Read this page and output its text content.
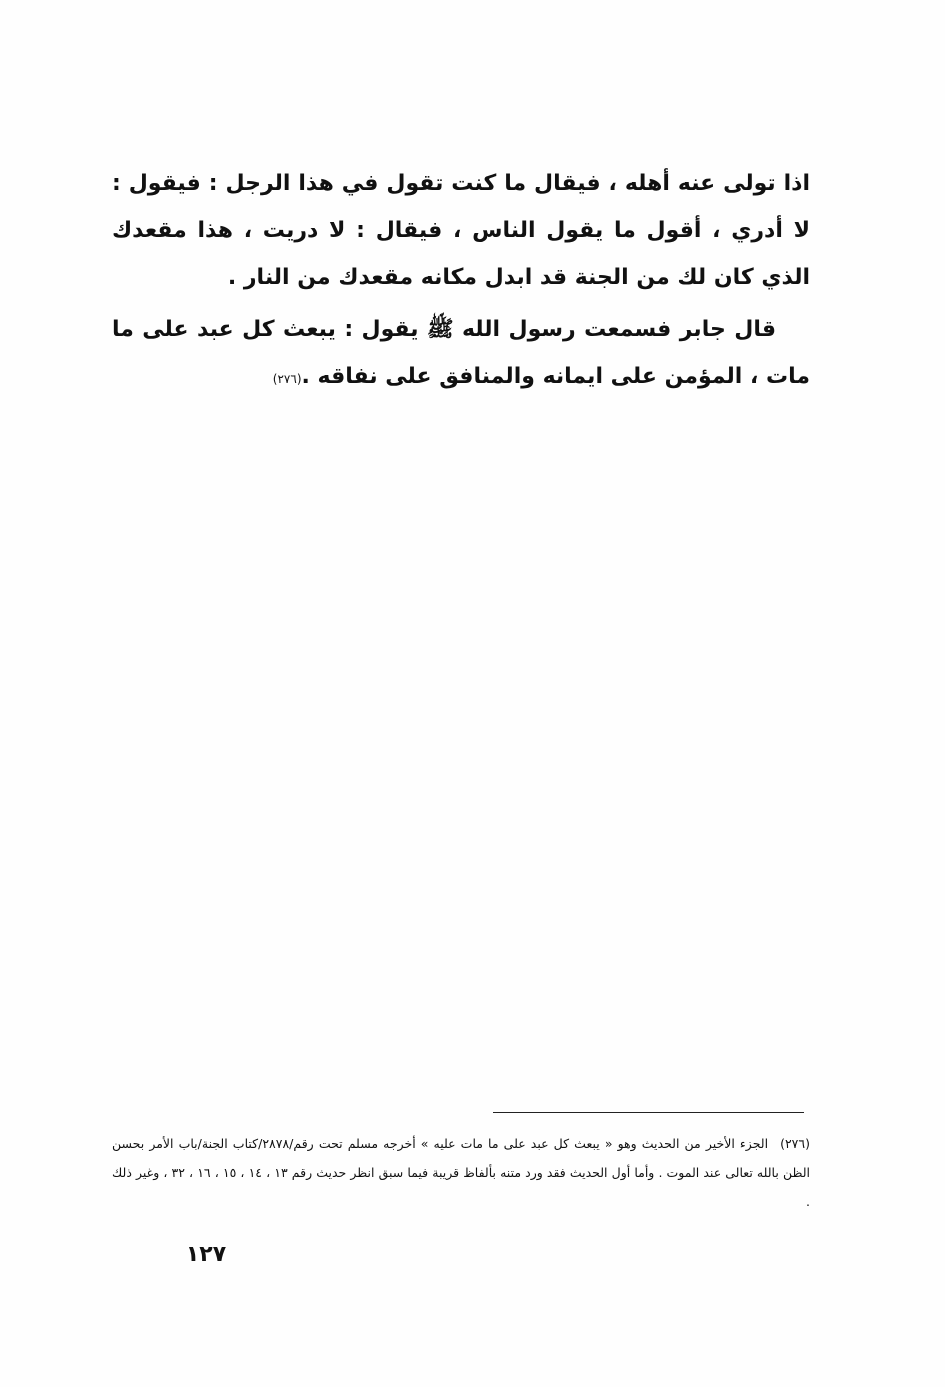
اذا تولى عنه أهله ، فيقال ما كنت تقول في هذا الرجل : فيقول : لا أدري ، أقول ما يقول الناس ، فيقال : لا دريت ، هذا مقعدك الذي كان لك من الجنة قد ابدل مكانه مقعدك من النار .

قال جابر فسمعت رسول الله ﷺ يقول : يبعث كل عبد على ما مات ، المؤمن على ايمانه والمنافق على نفاقه .(٢٧٦)

(٢٧٦)الجزء الأخير من الحديث وهو « يبعث كل عبد على ما مات عليه » أخرجه مسلم تحت رقم/٢٨٧٨/كتاب الجنة/باب الأمر بحسن الظن بالله تعالى عند الموت . وأما أول الحديث فقد ورد متنه بألفاظ قريبة فيما سبق انظر حديث رقم ١٣ ، ١٤ ، ١٥ ، ١٦ ، ٣٢ ، وغير ذلك .

١٢٧
